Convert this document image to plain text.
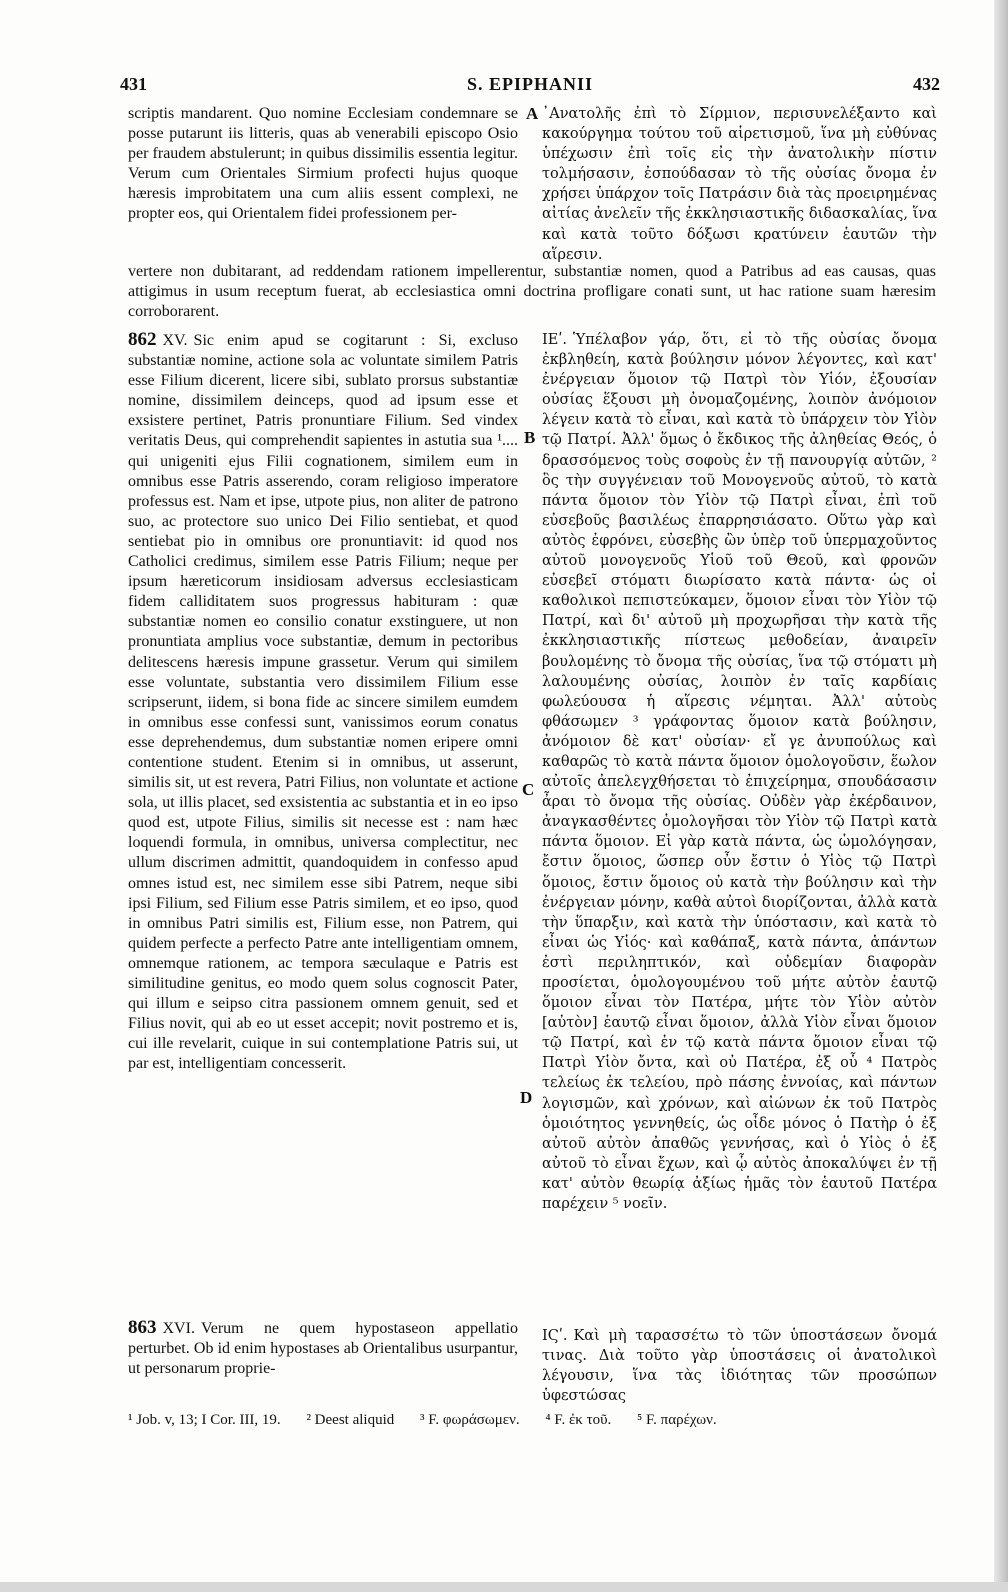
431	S. EPIPHANII	432
A
B
C
D

scriptis mandarent. Quo nomine Ecclesiam condemnare se posse putarunt iis litteris, quas ab venerabili episcopo Osio per fraudem abstulerunt; in quibus dissimilis essentia legitur. Verum cum Orientales Sirmium profecti hujus quoque hæresis improbitatem una cum aliis essent complexi, ne propter eos, qui Orientalem fidei professionem per-

᾿Ανατολῆς ἐπὶ τὸ Σίρμιον, περισυνελέξαντο καὶ κακούργημα τούτου τοῦ αἱρετισμοῦ, ἵνα μὴ εὐθύνας ὑπέχωσιν ἐπὶ τοῖς εἰς τὴν ἀνατολικὴν πίστιν τολμήσασιν, ἐσπούδασαν τὸ τῆς οὐσίας ὄνομα ἐν χρήσει ὑπάρχον τοῖς Πατράσιν διὰ τὰς προειρημένας αἰτίας ἀνελεῖν τῆς ἐκκλησιαστικῆς διδασκαλίας, ἵνα καὶ κατὰ τοῦτο δόξωσι κρατύνειν ἑαυτῶν τὴν αἵρεσιν.

vertere non dubitarant, ad reddendam rationem impellerentur, substantiæ nomen, quod a Patribus ad eas causas, quas attigimus in usum receptum fuerat, ab ecclesiastica omni doctrina profligare conati sunt, ut hac ratione suam hæresim corroborarent.

862 XV. Sic enim apud se cogitarunt : Si, excluso substantiæ nomine, actione sola ac voluntate similem Patris esse Filium dicerent, licere sibi, sublato prorsus substantiæ nomine, dissimilem deinceps, quod ad ipsum esse et exsistere pertinet, Patris pronuntiare Filium. Sed vindex veritatis Deus, qui comprehendit sapientes in astutia sua ¹.... qui unigeniti ejus Filii cognationem, similem eum in omnibus esse Patris asserendo, coram religioso imperatore professus est. Nam et ipse, utpote pius, non aliter de patrono suo, ac protectore suo unico Dei Filio sentiebat, et quod sentiebat pio in omnibus ore pronuntiavit: id quod nos Catholici credimus, similem esse Patris Filium; neque per ipsum hæreticorum insidiosam adversus ecclesiasticam fidem calliditatem suos progressus habituram : quæ substantiæ nomen eo consilio conatur exstinguere, ut non pronuntiata amplius voce substantiæ, demum in pectoribus delitescens hæresis impune grassetur. Verum qui similem esse voluntate, substantia vero dissimilem Filium esse scripserunt, iidem, si bona fide ac sincere similem eumdem in omnibus esse confessi sunt, vanissimos eorum conatus esse deprehendemus, dum substantiæ nomen eripere omni contentione student. Etenim si in omnibus, ut asserunt, similis sit, ut est revera, Patri Filius, non voluntate et actione sola, ut illis placet, sed exsistentia ac substantia et in eo ipso quod est, utpote Filius, similis sit necesse est : nam hæc loquendi formula, in omnibus, universa complectitur, nec ullum discrimen admittit, quandoquidem in confesso apud omnes istud est, nec similem esse sibi Patrem, neque sibi ipsi Filium, sed Filium esse Patris similem, et eo ipso, quod in omnibus Patri similis est, Filium esse, non Patrem, qui quidem perfecte a perfecto Patre ante intelligentiam omnem, omnemque rationem, ac tempora sæculaque e Patris est similitudine genitus, eo modo quem solus cognoscit Pater, qui illum e seipso citra passionem omnem genuit, sed et Filius novit, qui ab eo ut esset accepit; novit postremo et is, cui ille revelarit, cuique in sui contemplatione Patris sui, ut par est, intelligentiam concesserit.

ΙΕʹ. Ὑπέλαβον γάρ, ὅτι, εἰ τὸ τῆς οὐσίας ὄνομα ἐκβληθείη, κατὰ βούλησιν μόνον λέγοντες, καὶ κατ' ἐνέργειαν ὅμοιον τῷ Πατρὶ τὸν Υἱόν, ἐξουσίαν οὐσίας ἕξουσι μὴ ὀνομαζομένης, λοιπὸν ἀνόμοιον λέγειν κατὰ τὸ εἶναι, καὶ κατὰ τὸ ὑπάρχειν τὸν Υἱὸν τῷ Πατρί. Ἀλλ' ὅμως ὁ ἔκδικος τῆς ἀληθείας Θεός, ὁ δρασσόμενος τοὺς σοφοὺς ἐν τῇ πανουργίᾳ αὐτῶν, ² ὃς τὴν συγγένειαν τοῦ Μονογενοῦς αὐτοῦ, τὸ κατὰ πάντα ὅμοιον τὸν Υἱὸν τῷ Πατρὶ εἶναι, ἐπὶ τοῦ εὐσεβοῦς βασιλέως ἐπαρρησιάσατο. Οὕτω γὰρ καὶ αὐτὸς ἐφρόνει, εὐσεβὴς ὢν ὑπὲρ τοῦ ὑπερμαχοῦντος αὐτοῦ μονογενοῦς Υἱοῦ τοῦ Θεοῦ, καὶ φρονῶν εὐσεβεῖ στόματι διωρίσατο κατὰ πάντα· ὡς οἱ καθολικοὶ πεπιστεύκαμεν, ὅμοιον εἶναι τὸν Υἱὸν τῷ Πατρί, καὶ δι' αὐτοῦ μὴ προχωρῆσαι τὴν κατὰ τῆς ἐκκλησιαστικῆς πίστεως μεθοδείαν, ἀναιρεῖν βουλομένης τὸ ὄνομα τῆς οὐσίας, ἵνα τῷ στόματι μὴ λαλουμένης οὐσίας, λοιπὸν ἐν ταῖς καρδίαις φωλεύουσα ἡ αἵρεσις νέμηται. Ἀλλ' αὐτοὺς φθάσωμεν ³ γράφοντας ὅμοιον κατὰ βούλησιν, ἀνόμοιον δὲ κατ' οὐσίαν· εἴ γε ἀνυπούλως καὶ καθαρῶς τὸ κατὰ πάντα ὅμοιον ὁμολογοῦσιν, ἕωλον αὐτοῖς ἀπελεγχθήσεται τὸ ἐπιχείρημα, σπουδάσασιν ἆραι τὸ ὄνομα τῆς οὐσίας. Οὐδὲν γὰρ ἐκέρδαινον, ἀναγκασθέντες ὁμολογῆσαι τὸν Υἱὸν τῷ Πατρὶ κατὰ πάντα ὅμοιον. Εἰ γὰρ κατὰ πάντα, ὡς ὡμολόγησαν, ἔστιν ὅμοιος, ὥσπερ οὖν ἔστιν ὁ Υἱὸς τῷ Πατρὶ ὅμοιος, ἔστιν ὅμοιος οὐ κατὰ τὴν βούλησιν καὶ τὴν ἐνέργειαν μόνην, καθὰ αὐτοὶ διορίζονται, ἀλλὰ κατὰ τὴν ὕπαρξιν, καὶ κατὰ τὴν ὑπόστασιν, καὶ κατὰ τὸ εἶναι ὡς Υἱός· καὶ καθάπαξ, κατὰ πάντα, ἁπάντων ἐστὶ περιληπτικόν, καὶ οὐδεμίαν διαφορὰν προσίεται, ὁμολογουμένου τοῦ μήτε αὐτὸν ἑαυτῷ ὅμοιον εἶναι τὸν Πατέρα, μήτε τὸν Υἱὸν αὐτὸν [αὐτὸν] ἑαυτῷ εἶναι ὅμοιον, ἀλλὰ Υἱὸν εἶναι ὅμοιον τῷ Πατρί, καὶ ἐν τῷ κατὰ πάντα ὅμοιον εἶναι τῷ Πατρὶ Υἱὸν ὄντα, καὶ οὐ Πατέρα, ἐξ οὗ ⁴ Πατρὸς τελείως ἐκ τελείου, πρὸ πάσης ἐννοίας, καὶ πάντων λογισμῶν, καὶ χρόνων, καὶ αἰώνων ἐκ τοῦ Πατρὸς ὁμοιότητος γεννηθείς, ὡς οἶδε μόνος ὁ Πατὴρ ὁ ἐξ αὐτοῦ αὐτὸν ἀπαθῶς γεννήσας, καὶ ὁ Υἱὸς ὁ ἐξ αὐτοῦ τὸ εἶναι ἔχων, καὶ ᾧ αὐτὸς ἀποκαλύψει ἐν τῇ κατ' αὐτὸν θεωρίᾳ ἀξίως ἡμᾶς τὸν ἑαυτοῦ Πατέρα παρέχειν ⁵ νοεῖν.

863 XVI. Verum ne quem hypostaseon appellatio perturbet. Ob id enim hypostases ab Orientalibus usurpantur, ut personarum proprie-

ΙϚʹ. Καὶ μὴ ταρασσέτω τὸ τῶν ὑποστάσεων ὄνομά τινας. Διὰ τοῦτο γὰρ ὑποστάσεις οἱ ἀνατολικοὶ λέγουσιν, ἵνα τὰς ἰδιότητας τῶν προσώπων ὑφεστώσας

¹ Job. v, 13; I Cor. III, 19. ² Deest aliquid ³ F. φωράσωμεν. ⁴ F. ἐκ τοῦ. ⁵ F. παρέχων.
